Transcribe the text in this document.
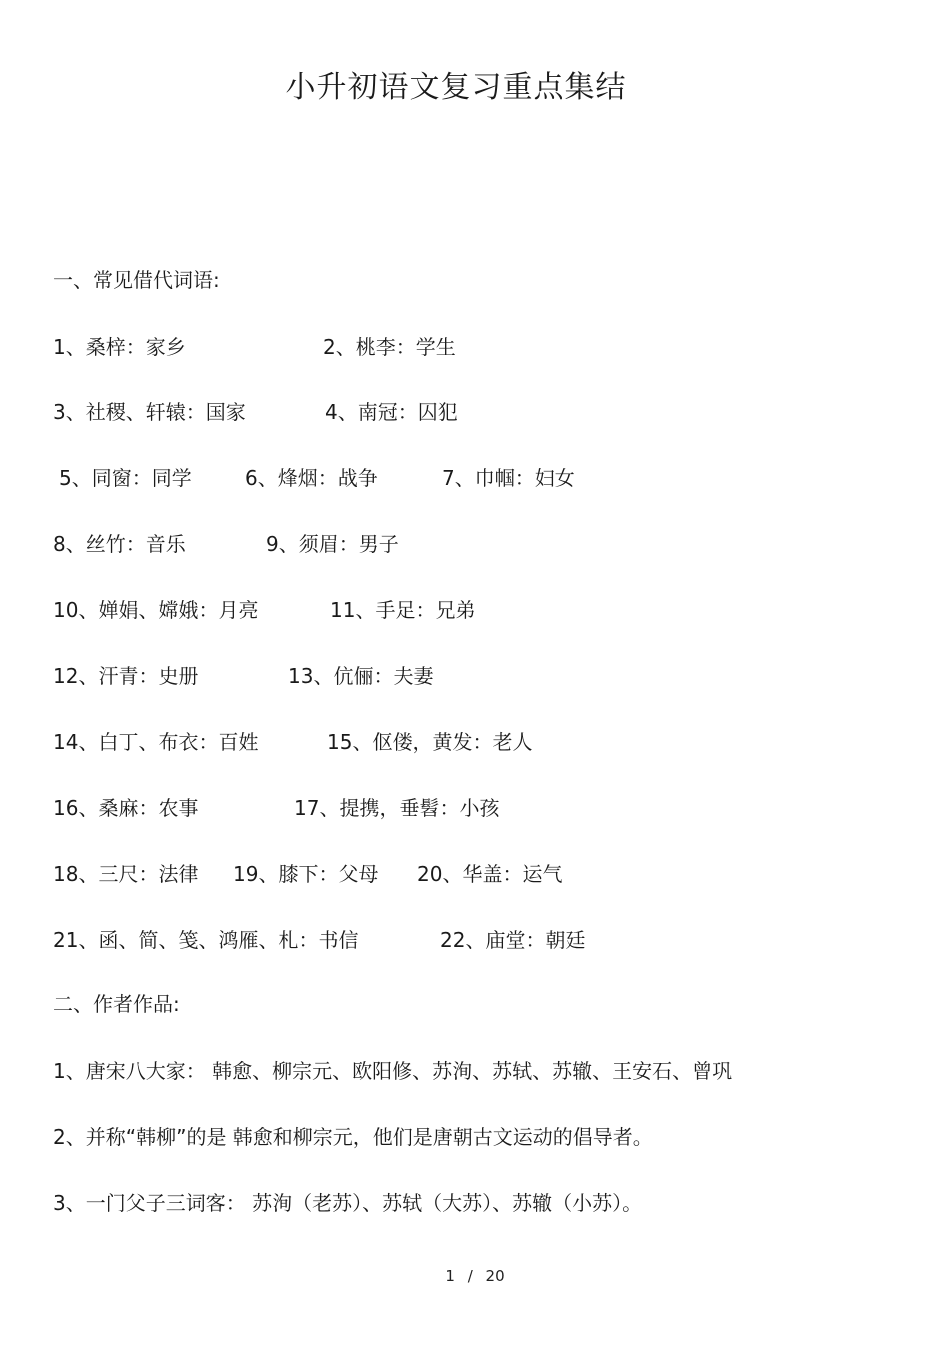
小升初语文复习重点集结
一、常见借代词语:
1、桑梓：家乡	2、桃李：学生
3、社稷、轩辕：国家	4、南冠：囚犯
5、同窗：同学	6、烽烟：战争	7、巾帼：妇女
8、丝竹：音乐	9、须眉：男子
10、婵娟、嫦娥：月亮	11、手足：兄弟
12、汗青：史册	13、伉俪：夫妻
14、白丁、布衣：百姓	15、伛偻，黄发：老人
16、桑麻：农事	17、提携，垂髫：小孩
18、三尺：法律 19、膝下：父母 20、华盖：运气
21、函、简、笺、鸿雁、札：书信	22、庙堂：朝廷
二、作者作品:
1、唐宋八大家： 韩愈、柳宗元、欧阳修、苏洵、苏轼、苏辙、王安石、曾巩
2、并称“韩柳”的是 韩愈和柳宗元，他们是唐朝古文运动的倡导者。
3、一门父子三词客： 苏洵（老苏）、苏轼（大苏）、苏辙（小苏）。
1 / 20
